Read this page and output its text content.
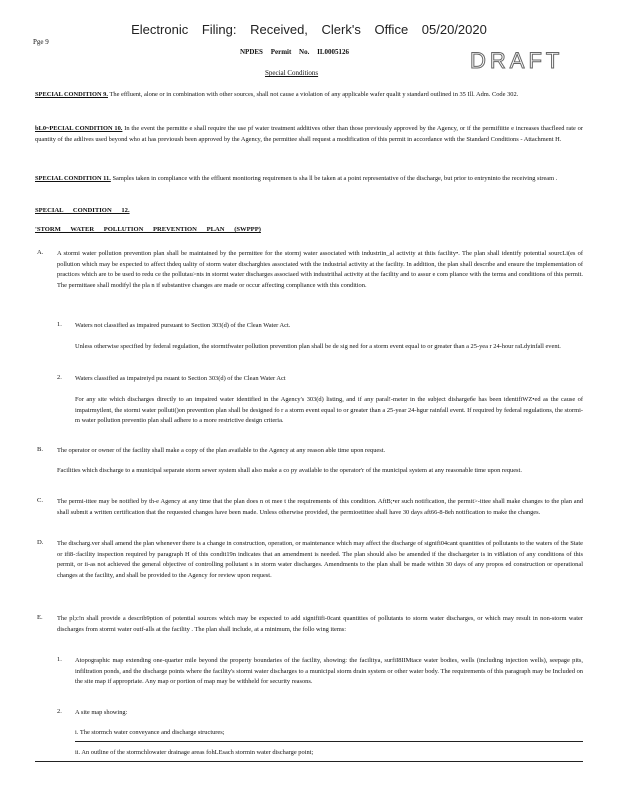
Electronic Filing: Received, Clerk's Office 05/20/2020
Pge 9
NPDES Permit No. IL0005126	DRAFT
Special Conditions
SPECIAL CONDITION 9. The effluent, alone or in combination with other sources, shall not cause a violation of any applicable wafer qualit y standard outlined in 35 Ill. Adm. Code 302.
bL0~PECIAL CONDITION 10. In the event the permitte e shall require the use pf water treatment additives other than those previously approved by the Agency, or if the permifiitte e increases thacfleed rate or quantity of the adilives used beyond who at has previoush been approved by the Agency, the permittee shall request a modification of this permit in accordance with the Standard Conditions - Attachment H.
SPECIAL CONDITION 11. Samples taken in compliance with the effluent monitoring requiremen ts sha ll be taken at a point representative of the discharge, but prior to entryninto the receiving stream .
SPECIAL CONDITION 12.
'STORM WATER POLLUTION PREVENTION PLAN (SWPPP)
A. A stormi water pollution prevention plan shall be maintained by the permittee for the stormj water associated with industriin_al activity at thiis facility•. The plan shall identify potential sourcLi(es of pollution which may be expected to affect thdeq uality of storm water discharghies associated with the industrial activity at the facility. In addition, the plan shall describe and ensure the implementation of practices which are to be used to redu ce the pollutau>nts in stormt water discharges associaed with industriihal activity at the facility and to assur e com pliance with the terms and conditions of this permit. The permittaee shall modifyl the pla n if substantive changes are made or occur affecting compliance with this condition.
1. Waters not classified as impaired pursuant to Section 303(d) of the Clean Water Act.
Unless otherwise specified by federal regulation, the stormtfwater pollution prevention plan shall be de sig ned for a storm event equal to or greater than a 25-yea r 24-hour raLdyinfall event.
2. Waters classified as impaireiyd pu rsuant to Section 303(d) of the Clean Water Act
For any site which discharges directly to an impaired water identified in the Agency's 303(d) listing, and if any paral!-meter in the subject dishargeбe has been identifiWZ•ed as the cause of impairmyilent, the stormi water polluti()on prevention plan shall be designed fo r a storm event equal to or greater than a 25-year 24-hgur rainfall event. If required by federal regulations, the stormi-m water pollution preventio plan shall adhere to a more restrictive design criteria.
B. The operator or owner of the facility shall make a copy of the plan available to the Agency at any reason able time upon request.
Facilities which discharge to a municipal separate storm sewer system shall also make a co py available to the operator'r of the municipal system at any reasonable time upon request.
C. The permi-ittee may be notified by th-e Agency at any time that the plan does n ot mee t the requirements of this condition. AftB;•er such notification, the permit>-ittee shall make changes to the plan and shall submit a written certification that the requested changes have been made. Unless otherwise provided, the permioetittee shall have 30 days aft66-8-8eh notification to make the changes.
D. The discharg.ver shall amend the plan whenever there is a change in construction, operation, or maintenance which may affect the discharge of signifi04cant quantities of pollutants to the waters of the State or ifi8-:facility inspection required by paragraph H of this condit19n indicates that an amendment is needed. The plan should also be amended if the dischargeter is in vi8lation of any conditions of this permit, or ii-as not achieved the general objective of controlling pollutant s in storm water discharges. Amendments to the plan shall be made within 30 days of any propos ed construction or operational changes at the facility, and shall be provided to the Agency for review upon request.
E. The pl;c!n shall provide a describ9ption of potential sources which may be expected to add signifiifi-0cant quantities of pollutants to storm water discharges, or which may result in non-storm water discharges from stormi water outf-alls at the facility . The plan shall include, at a minimum, the follo wing items:
1. Atopographic map extending one-quarter mile beyond the property boundaries of the facility, showing: the facilitya, surfiI8IIMtace water bodies, wells (including injection wells), seepage pits, infiltration ponds, and the discharge points where the facility's stormi water discharges to a municipal storm drain system or other water body. The requirements of this paragraph may be Included on the site map if appropriate. Any map or portion of map may be withheld for security reasons.
2. A site map showing:
i. The stormch water conveyance and discharge structures;
ii. An outline of the stormchlowater drainage areas fohLEsach stormin water discharge point;
